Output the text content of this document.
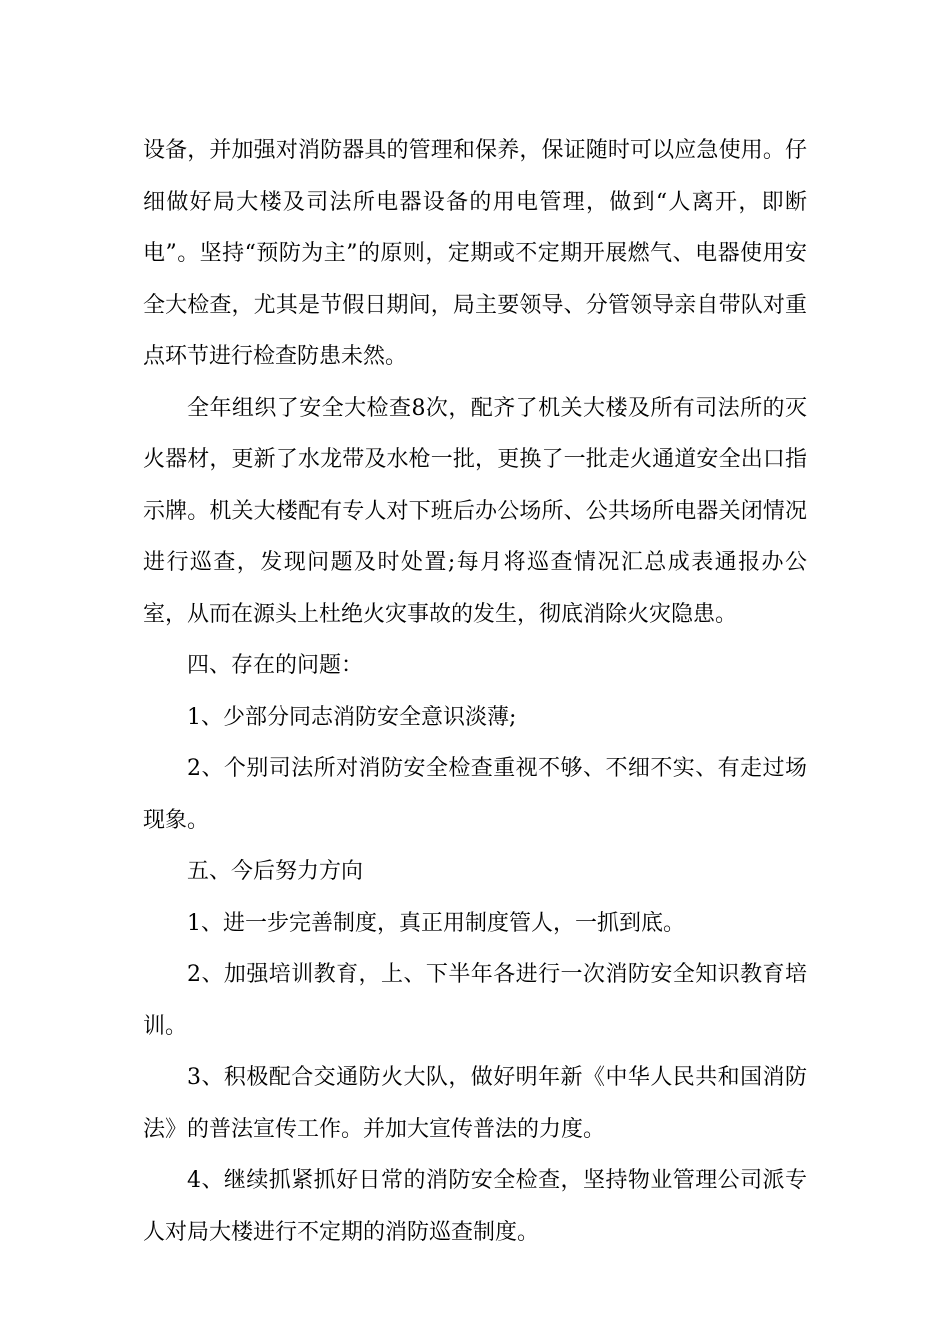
设备，并加强对消防器具的管理和保养，保证随时可以应急使用。仔细做好局大楼及司法所电器设备的用电管理，做到“人离开，即断电”。坚持“预防为主”的原则，定期或不定期开展燃气、电器使用安全大检查，尤其是节假日期间，局主要领导、分管领导亲自带队对重点环节进行检查防患未然。

全年组织了安全大检查8次，配齐了机关大楼及所有司法所的灭火器材，更新了水龙带及水枪一批，更换了一批走火通道安全出口指示牌。机关大楼配有专人对下班后办公场所、公共场所电器关闭情况进行巡查，发现问题及时处置;每月将巡查情况汇总成表通报办公室，从而在源头上杜绝火灾事故的发生，彻底消除火灾隐患。

四、存在的问题：

1、少部分同志消防安全意识淡薄;

2、个别司法所对消防安全检查重视不够、不细不实、有走过场现象。

五、今后努力方向

1、进一步完善制度，真正用制度管人，一抓到底。

2、加强培训教育，上、下半年各进行一次消防安全知识教育培训。

3、积极配合交通防火大队，做好明年新《中华人民共和国消防法》的普法宣传工作。并加大宣传普法的力度。

4、继续抓紧抓好日常的消防安全检查，坚持物业管理公司派专人对局大楼进行不定期的消防巡查制度。
